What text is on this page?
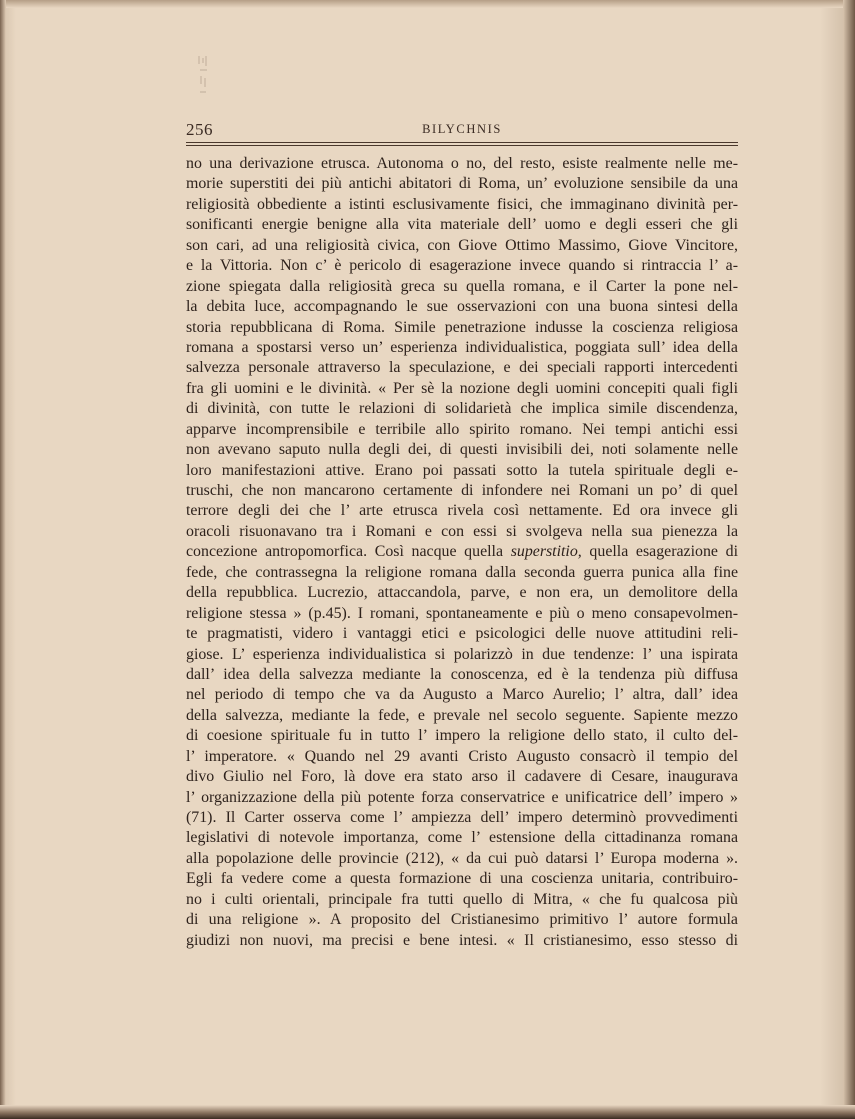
256	BILYCHNIS
no una derivazione etrusca. Autonoma o no, del resto, esiste realmente nelle me-
morie superstiti dei più antichi abitatori di Roma, un’ evoluzione sensibile da una
religiosità obbediente a istinti esclusivamente fisici, che immaginano divinità per-
sonificanti energie benigne alla vita materiale dell’ uomo e degli esseri che gli
son cari, ad una religiosità civica, con Giove Ottimo Massimo, Giove Vincitore,
e la Vittoria. Non c’ è pericolo di esagerazione invece quando si rintraccia l’ a-
zione spiegata dalla religiosità greca su quella romana, e il Carter la pone nel-
la debita luce, accompagnando le sue osservazioni con una buona sintesi della
storia repubblicana di Roma. Simile penetrazione indusse la coscienza religiosa
romana a spostarsi verso un’ esperienza individualistica, poggiata sull’ idea della
salvezza personale attraverso la speculazione, e dei speciali rapporti intercedenti
fra gli uomini e le divinità. « Per sè la nozione degli uomini concepiti quali figli
di divinità, con tutte le relazioni di solidarietà che implica simile discendenza,
apparve incomprensibile e terribile allo spirito romano. Nei tempi antichi essi
non avevano saputo nulla degli dei, di questi invisibili dei, noti solamente nelle
loro manifestazioni attive. Erano poi passati sotto la tutela spirituale degli e-
truschi, che non mancarono certamente di infondere nei Romani un po’ di quel
terrore degli dei che l’ arte etrusca rivela così nettamente. Ed ora invece gli
oracoli risuonavano tra i Romani e con essi si svolgeva nella sua pienezza la
concezione antropomorfica. Così nacque quella superstitio, quella esagerazione di
fede, che contrassegna la religione romana dalla seconda guerra punica alla fine
della repubblica. Lucrezio, attaccandola, parve, e non era, un demolitore della
religione stessa » (p.45). I romani, spontaneamente e più o meno consapevolmen-
te pragmatisti, videro i vantaggi etici e psicologici delle nuove attitudini reli-
giose. L’ esperienza individualistica si polarizzò in due tendenze: l’ una ispirata
dall’ idea della salvezza mediante la conoscenza, ed è la tendenza più diffusa
nel periodo di tempo che va da Augusto a Marco Aurelio; l’ altra, dall’ idea
della salvezza, mediante la fede, e prevale nel secolo seguente. Sapiente mezzo
di coesione spirituale fu in tutto l’ impero la religione dello stato, il culto del-
l’ imperatore. « Quando nel 29 avanti Cristo Augusto consacrò il tempio del
divo Giulio nel Foro, là dove era stato arso il cadavere di Cesare, inaugurava
l’ organizzazione della più potente forza conservatrice e unificatrice dell’ impero »
(71). Il Carter osserva come l’ ampiezza dell’ impero determinò provvedimenti
legislativi di notevole importanza, come l’ estensione della cittadinanza romana
alla popolazione delle provincie (212), « da cui può datarsi l’ Europa moderna ».
Egli fa vedere come a questa formazione di una coscienza unitaria, contribuiro-
no i culti orientali, principale fra tutti quello di Mitra, « che fu qualcosa più
di una religione ». A proposito del Cristianesimo primitivo l’ autore formula
giudizi non nuovi, ma precisi e bene intesi. « Il cristianesimo, esso stesso di
